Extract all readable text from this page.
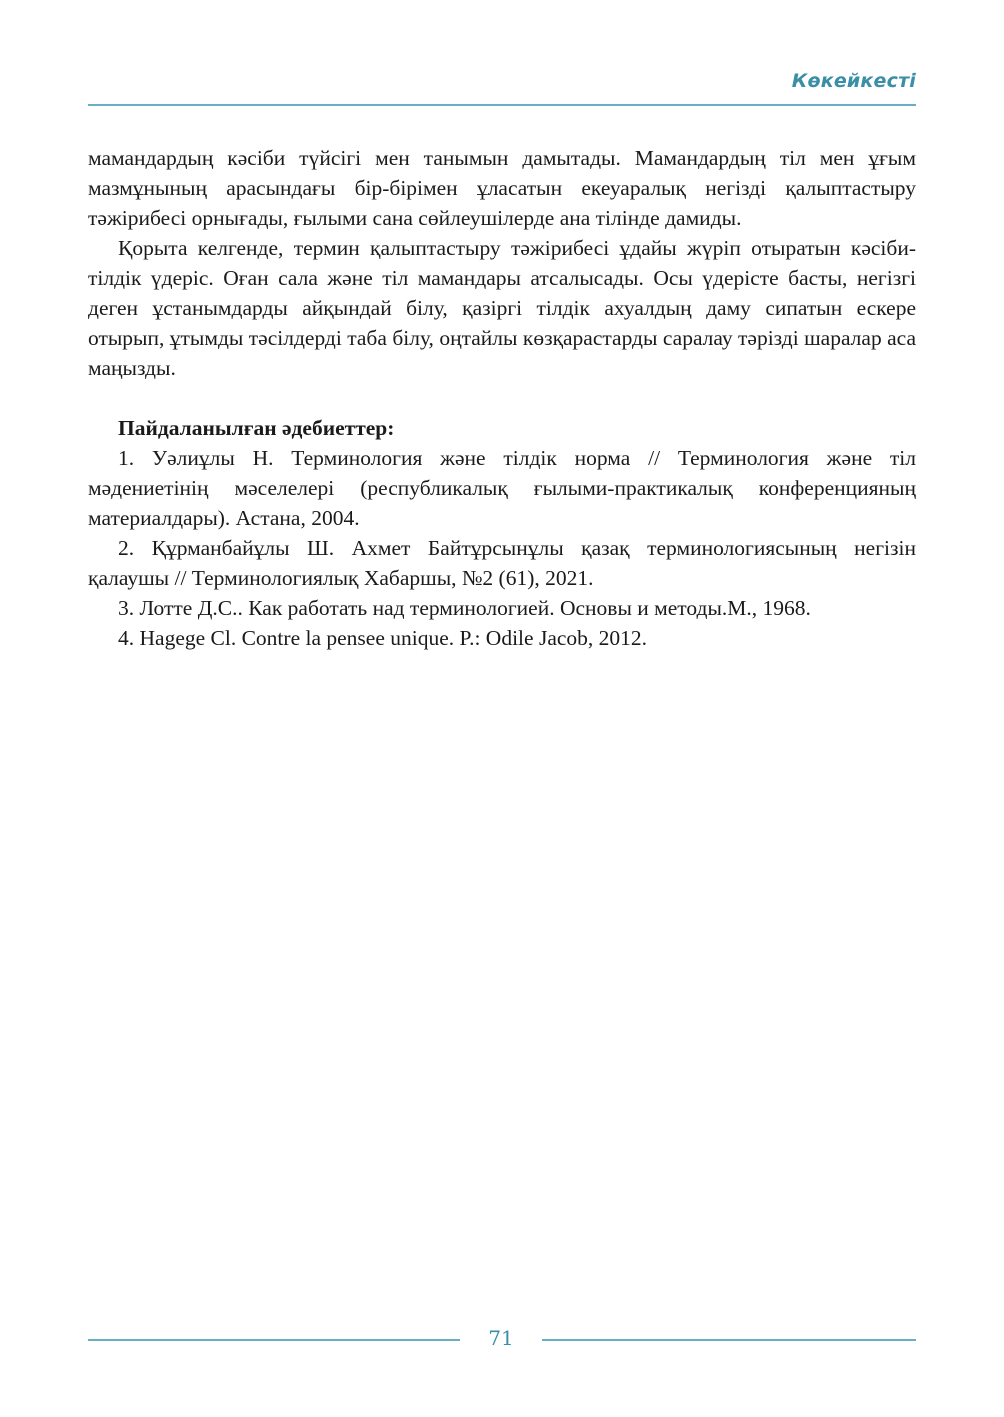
Көкейкесті

мамандардың кәсіби түйсігі мен танымын дамытады. Мамандардың тіл мен ұғым мазмұнының арасындағы бір-бірімен ұласатын екеуаралық негізді қалыптастыру тәжірибесі орнығады, ғылыми сана сөйлеушілерде ана тілінде дамиды.

Қорыта келгенде, термин қалыптастыру тәжірибесі ұдайы жүріп отыратын кәсіби-тілдік үдеріс. Оған сала және тіл мамандары атсалысады. Осы үдерісте басты, негізгі деген ұстанымдарды айқындай білу, қазіргі тілдік ахуалдың даму сипатын ескере отырып, ұтымды тәсілдерді таба білу, оңтайлы көзқарастарды саралау тәрізді шаралар аса маңызды.

Пайдаланылған әдебиеттер:

1. Уәлиұлы Н. Терминология және тілдік норма // Терминология және тіл мәдениетінің мәселелері (республикалық ғылыми-практикалық конференцияның материалдары). Астана, 2004.

2. Құрманбайұлы Ш. Ахмет Байтұрсынұлы қазақ терминологиясының негізін қалаушы // Терминологиялық Хабаршы, №2 (61), 2021.

3. Лотте Д.С.. Как работать над терминологией. Основы и методы.М., 1968.

4. Hagege Cl. Contre la pensee unique. P.: Odile Jacob, 2012.

71
